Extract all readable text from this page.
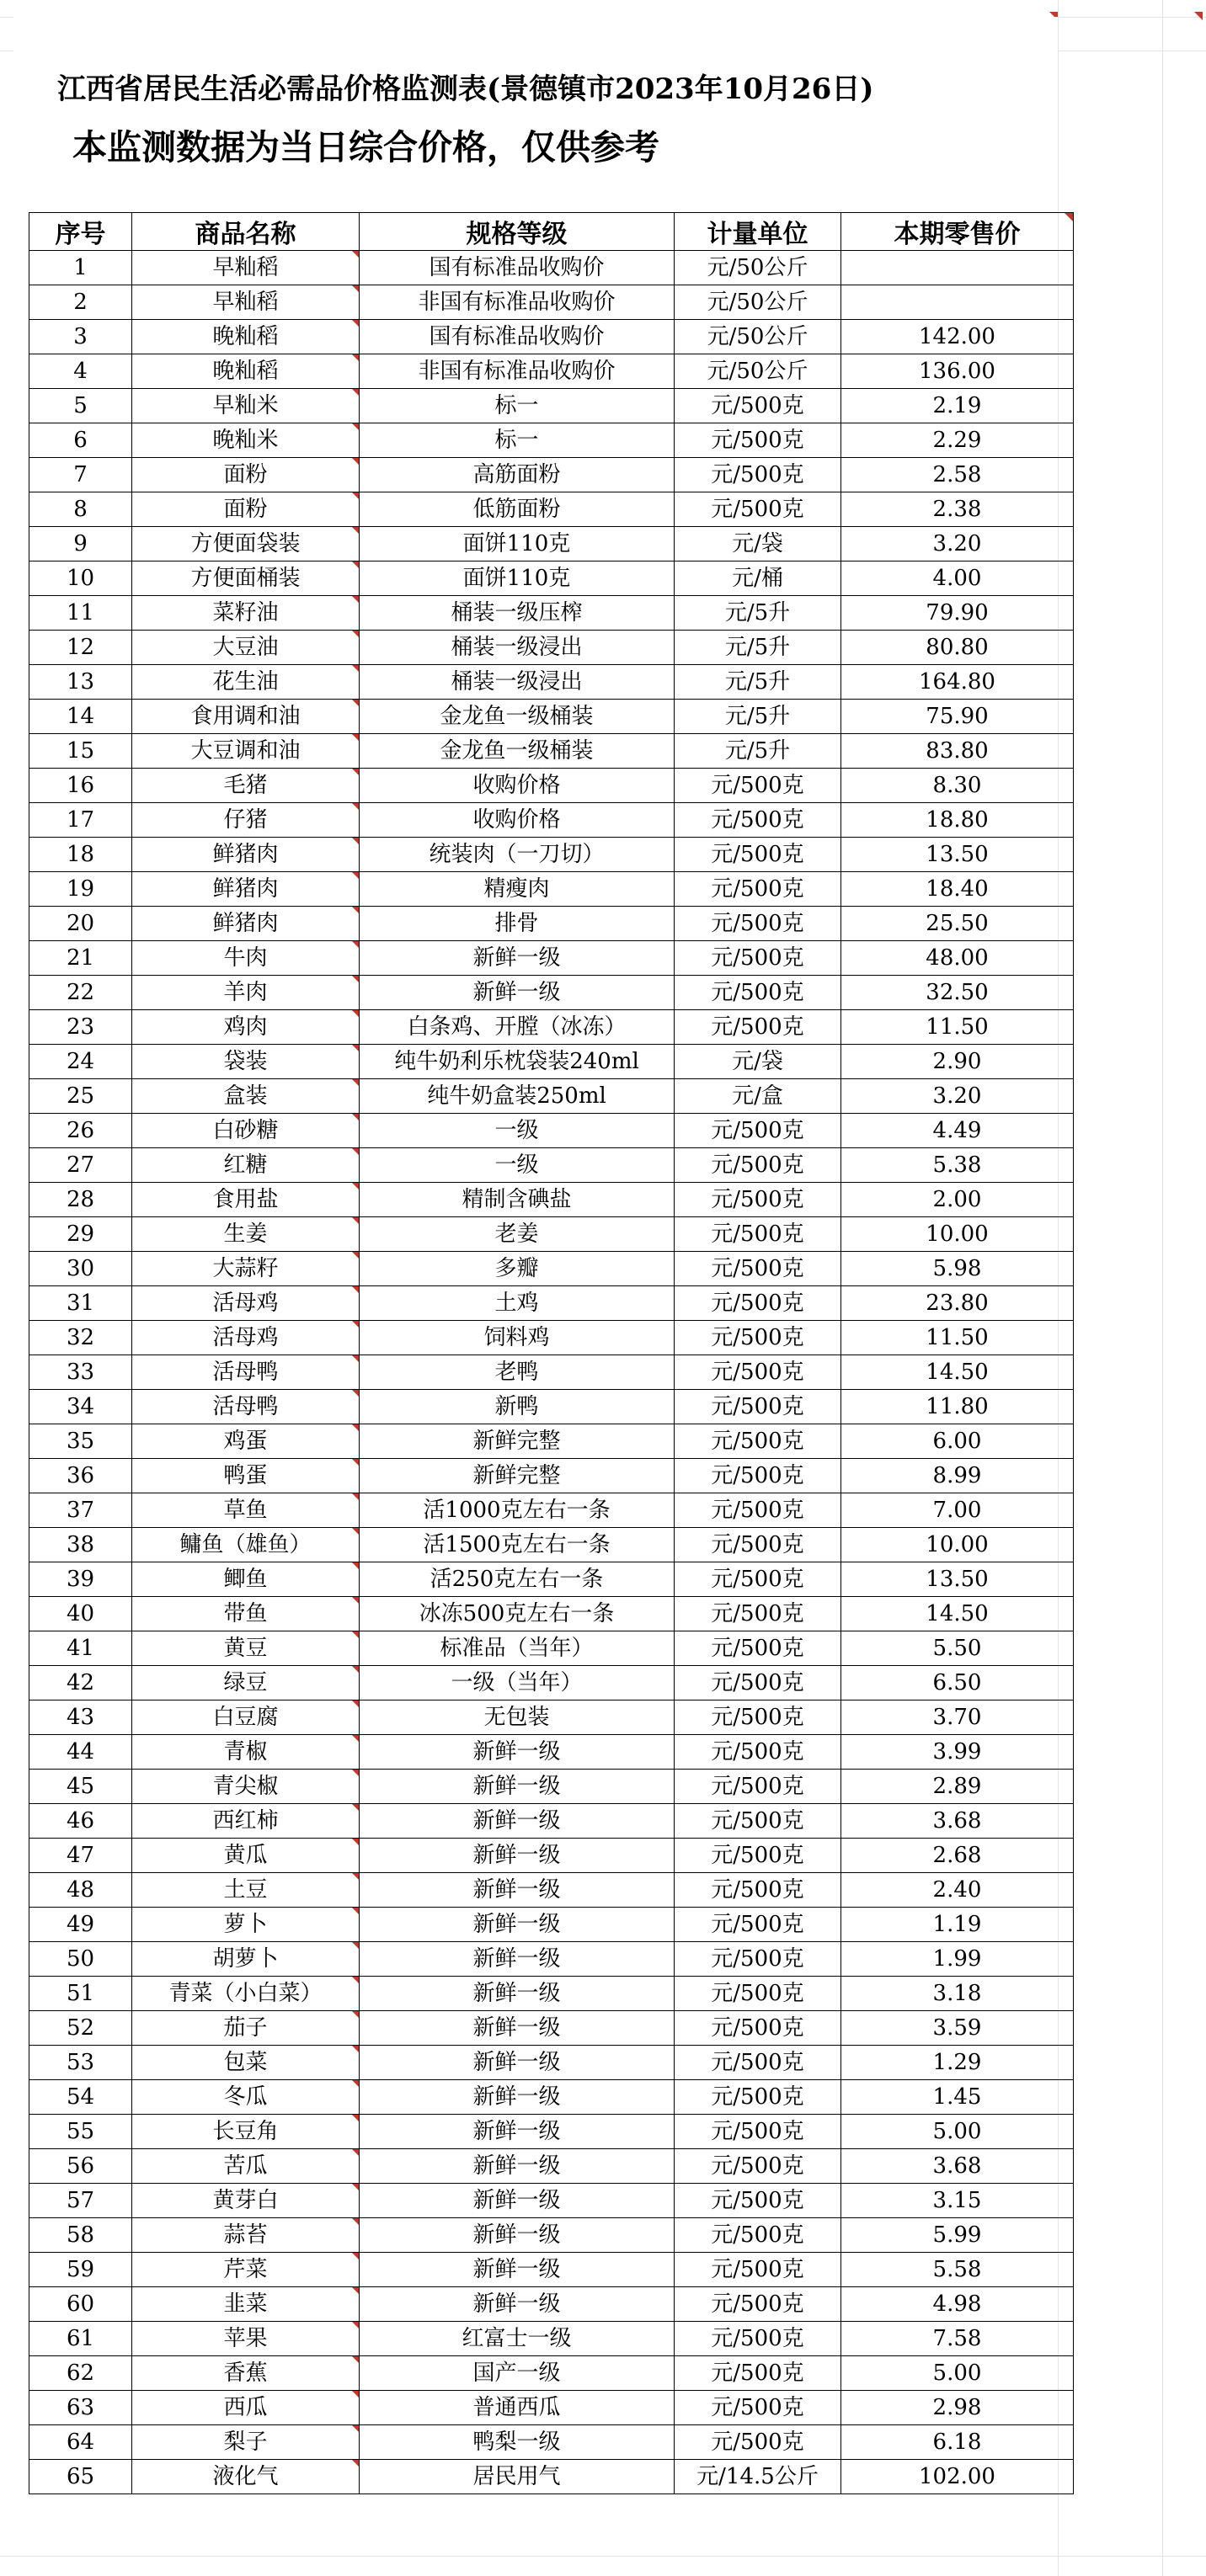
江西省居民生活必需品价格监测表(景德镇市2023年10月26日)
本监测数据为当日综合价格，仅供参考
序号	商品名称	规格等级	计量单位	本期零售价
1	早籼稻	国有标准品收购价	元/50公斤	
2	早籼稻	非国有标准品收购价	元/50公斤	
3	晚籼稻	国有标准品收购价	元/50公斤	142.00
4	晚籼稻	非国有标准品收购价	元/50公斤	136.00
5	早籼米	标一	元/500克	2.19
6	晚籼米	标一	元/500克	2.29
7	面粉	高筋面粉	元/500克	2.58
8	面粉	低筋面粉	元/500克	2.38
9	方便面袋装	面饼110克	元/袋	3.20
10	方便面桶装	面饼110克	元/桶	4.00
11	菜籽油	桶装一级压榨	元/5升	79.90
12	大豆油	桶装一级浸出	元/5升	80.80
13	花生油	桶装一级浸出	元/5升	164.80
14	食用调和油	金龙鱼一级桶装	元/5升	75.90
15	大豆调和油	金龙鱼一级桶装	元/5升	83.80
16	毛猪	收购价格	元/500克	8.30
17	仔猪	收购价格	元/500克	18.80
18	鲜猪肉	统装肉（一刀切）	元/500克	13.50
19	鲜猪肉	精瘦肉	元/500克	18.40
20	鲜猪肉	排骨	元/500克	25.50
21	牛肉	新鲜一级	元/500克	48.00
22	羊肉	新鲜一级	元/500克	32.50
23	鸡肉	白条鸡、开膛（冰冻）	元/500克	11.50
24	袋装	纯牛奶利乐枕袋装240ml	元/袋	2.90
25	盒装	纯牛奶盒装250ml	元/盒	3.20
26	白砂糖	一级	元/500克	4.49
27	红糖	一级	元/500克	5.38
28	食用盐	精制含碘盐	元/500克	2.00
29	生姜	老姜	元/500克	10.00
30	大蒜籽	多瓣	元/500克	5.98
31	活母鸡	土鸡	元/500克	23.80
32	活母鸡	饲料鸡	元/500克	11.50
33	活母鸭	老鸭	元/500克	14.50
34	活母鸭	新鸭	元/500克	11.80
35	鸡蛋	新鲜完整	元/500克	6.00
36	鸭蛋	新鲜完整	元/500克	8.99
37	草鱼	活1000克左右一条	元/500克	7.00
38	鳙鱼（雄鱼）	活1500克左右一条	元/500克	10.00
39	鲫鱼	活250克左右一条	元/500克	13.50
40	带鱼	冰冻500克左右一条	元/500克	14.50
41	黄豆	标准品（当年）	元/500克	5.50
42	绿豆	一级（当年）	元/500克	6.50
43	白豆腐	无包装	元/500克	3.70
44	青椒	新鲜一级	元/500克	3.99
45	青尖椒	新鲜一级	元/500克	2.89
46	西红柿	新鲜一级	元/500克	3.68
47	黄瓜	新鲜一级	元/500克	2.68
48	土豆	新鲜一级	元/500克	2.40
49	萝卜	新鲜一级	元/500克	1.19
50	胡萝卜	新鲜一级	元/500克	1.99
51	青菜（小白菜）	新鲜一级	元/500克	3.18
52	茄子	新鲜一级	元/500克	3.59
53	包菜	新鲜一级	元/500克	1.29
54	冬瓜	新鲜一级	元/500克	1.45
55	长豆角	新鲜一级	元/500克	5.00
56	苦瓜	新鲜一级	元/500克	3.68
57	黄芽白	新鲜一级	元/500克	3.15
58	蒜苔	新鲜一级	元/500克	5.99
59	芹菜	新鲜一级	元/500克	5.58
60	韭菜	新鲜一级	元/500克	4.98
61	苹果	红富士一级	元/500克	7.58
62	香蕉	国产一级	元/500克	5.00
63	西瓜	普通西瓜	元/500克	2.98
64	梨子	鸭梨一级	元/500克	6.18
65	液化气	居民用气	元/14.5公斤	102.00
